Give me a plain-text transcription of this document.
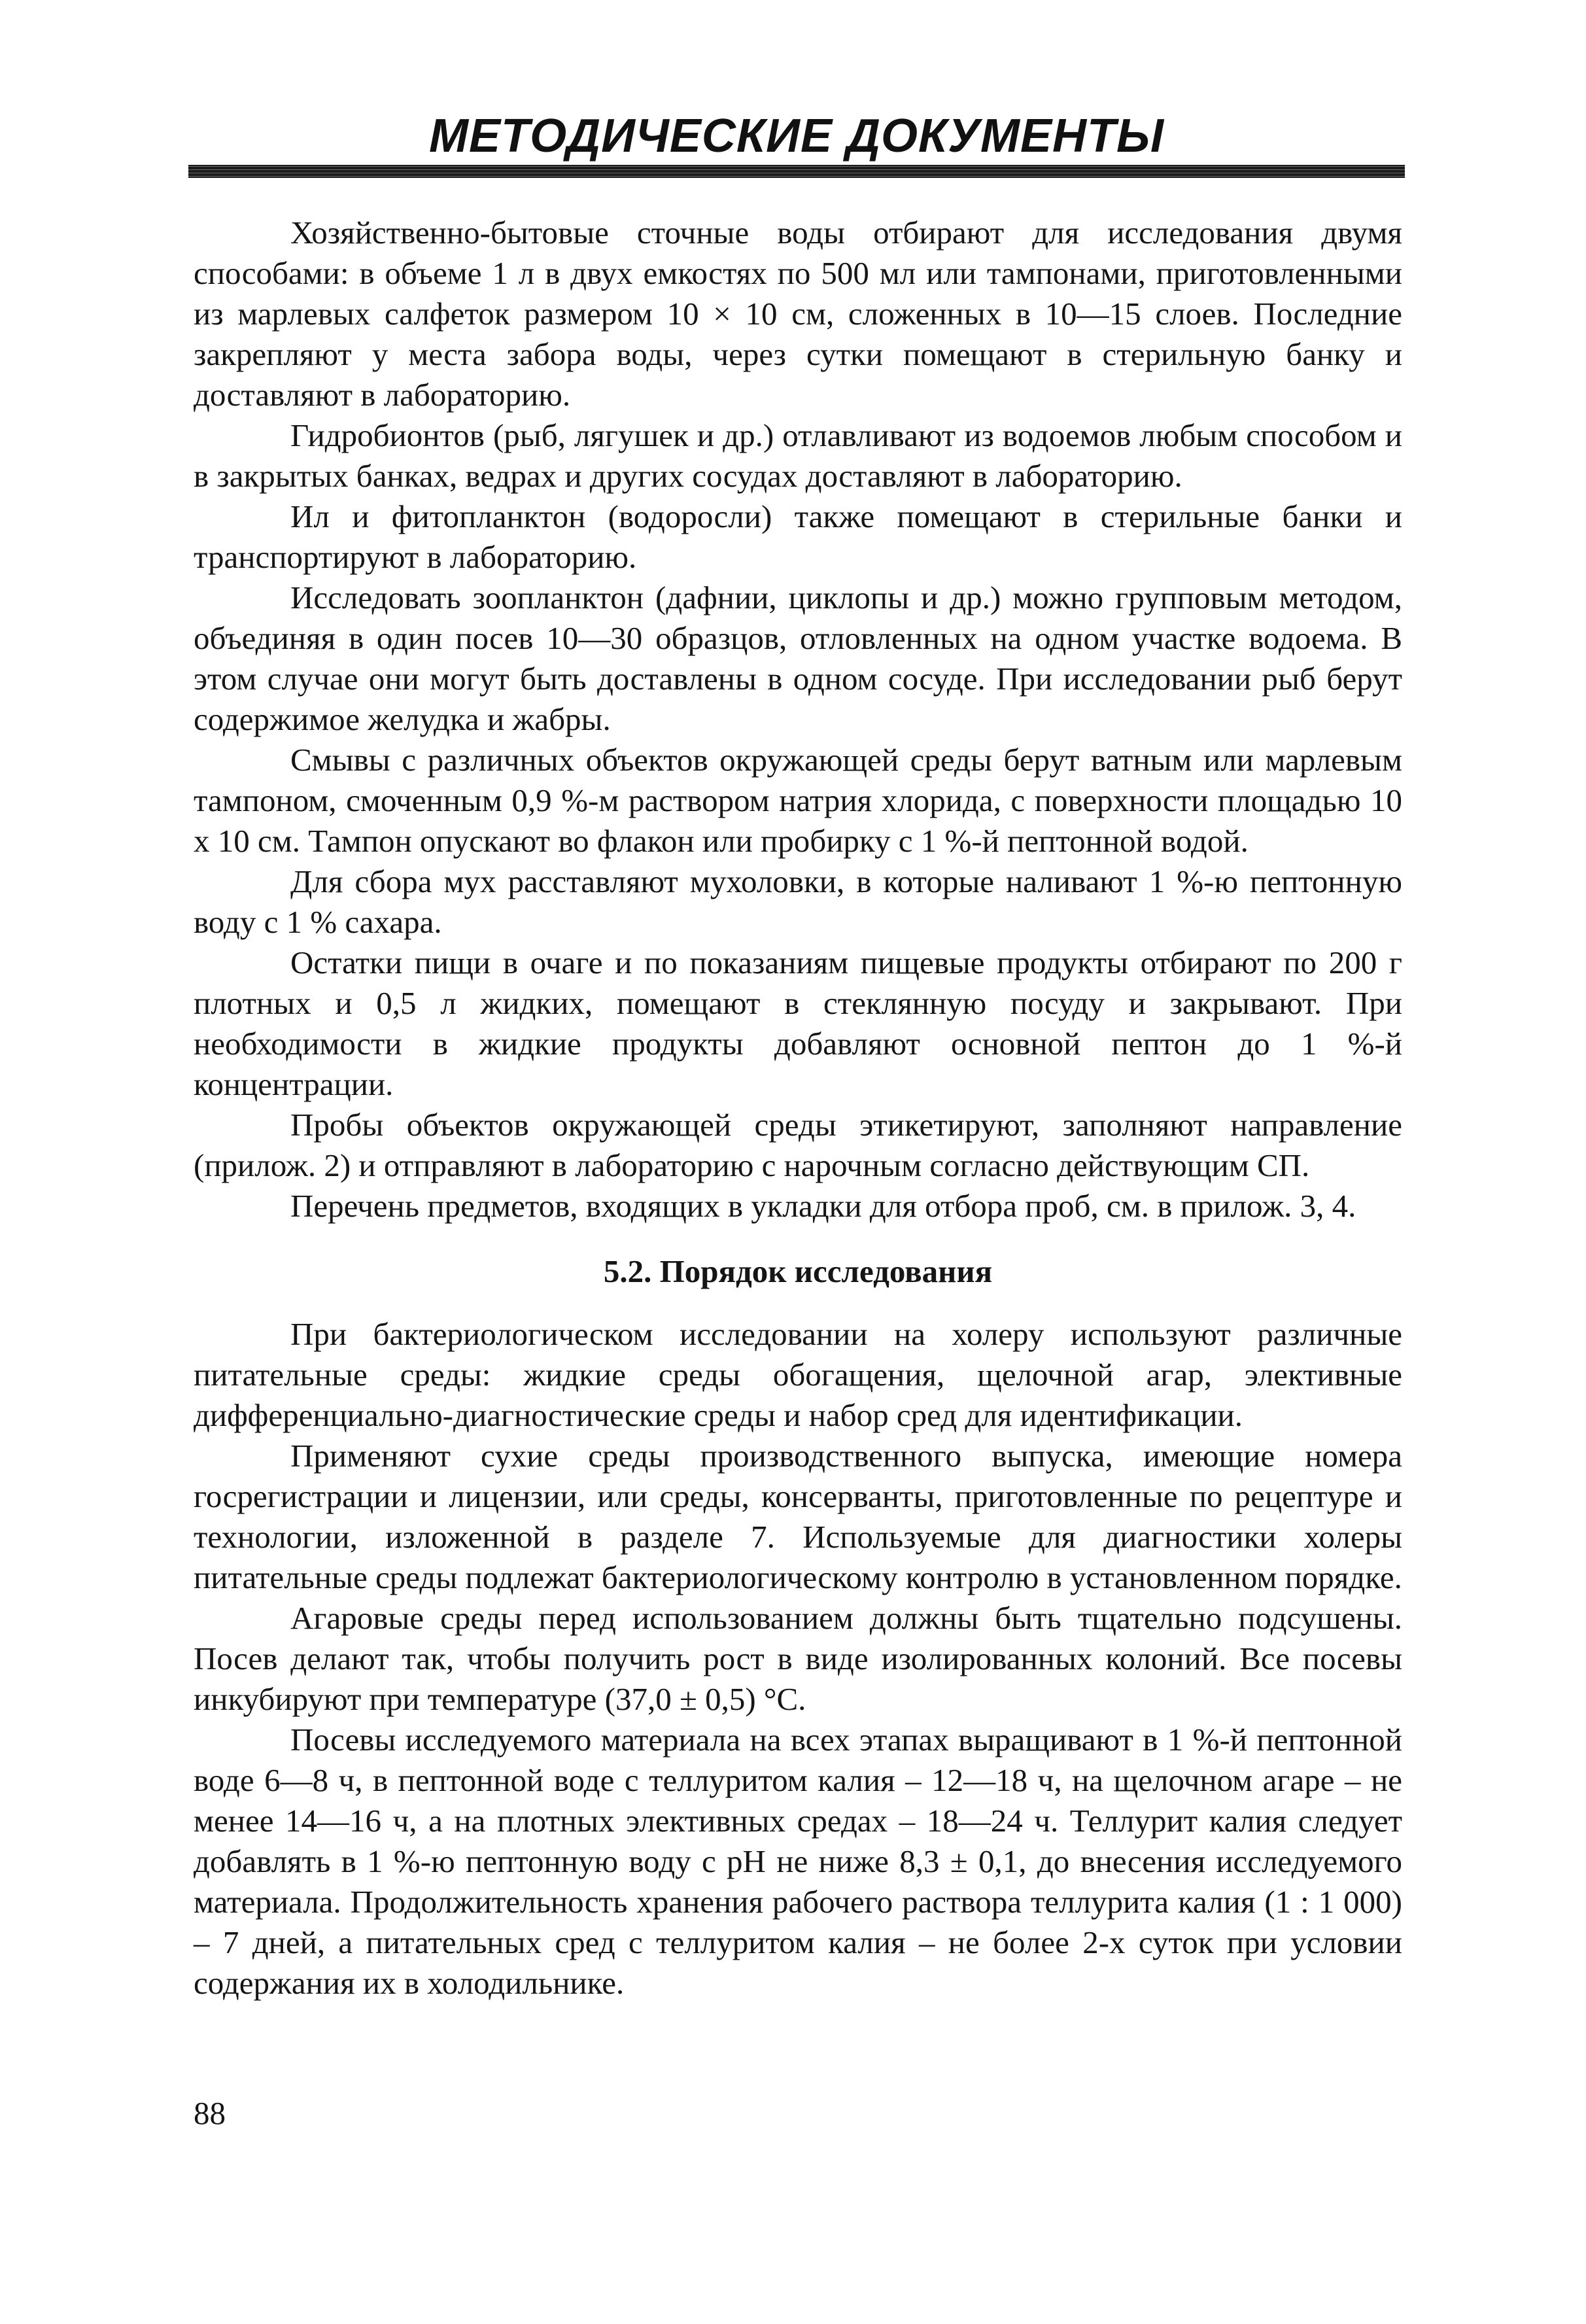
МЕТОДИЧЕСКИЕ ДОКУМЕНТЫ

Хозяйственно-бытовые сточные воды отбирают для исследования двумя способами: в объеме 1 л в двух емкостях по 500 мл или тампонами, приготовленными из марлевых салфеток размером 10 × 10 см, сложенных в 10—15 слоев. Последние закрепляют у места забора воды, через сутки помещают в стерильную банку и доставляют в лабораторию.

Гидробионтов (рыб, лягушек и др.) отлавливают из водоемов любым способом и в закрытых банках, ведрах и других сосудах доставляют в лабораторию.

Ил и фитопланктон (водоросли) также помещают в стерильные банки и транспортируют в лабораторию.

Исследовать зоопланктон (дафнии, циклопы и др.) можно групповым методом, объединяя в один посев 10—30 образцов, отловленных на одном участке водоема. В этом случае они могут быть доставлены в одном сосуде. При исследовании рыб берут содержимое желудка и жабры.

Смывы с различных объектов окружающей среды берут ватным или марлевым тампоном, смоченным 0,9 %-м раствором натрия хлорида, с поверхности площадью 10 x 10 см. Тампон опускают во флакон или пробирку с 1 %-й пептонной водой.

Для сбора мух расставляют мухоловки, в которые наливают 1 %-ю пептонную воду с 1 % сахара.

Остатки пищи в очаге и по показаниям пищевые продукты отбирают по 200 г плотных и 0,5 л жидких, помещают в стеклянную посуду и закрывают. При необходимости в жидкие продукты добавляют основной пептон до 1 %-й концентрации.

Пробы объектов окружающей среды этикетируют, заполняют направление (прилож. 2) и отправляют в лабораторию с нарочным согласно действующим СП.

Перечень предметов, входящих в укладки для отбора проб, см. в прилож. 3, 4.

5.2. Порядок исследования

При бактериологическом исследовании на холеру используют различные питательные среды: жидкие среды обогащения, щелочной агар, элективные дифференциально-диагностические среды и набор сред для идентификации.

Применяют сухие среды производственного выпуска, имеющие номера госрегистрации и лицензии, или среды, консерванты, приготовленные по рецептуре и технологии, изложенной в разделе 7. Используемые для диагностики холеры питательные среды подлежат бактериологическому контролю в установленном порядке.

Агаровые среды перед использованием должны быть тщательно подсушены. Посев делают так, чтобы получить рост в виде изолированных колоний. Все посевы инкубируют при температуре (37,0 ± 0,5) °С.

Посевы исследуемого материала на всех этапах выращивают в 1 %-й пептонной воде 6—8 ч, в пептонной воде с теллуритом калия – 12—18 ч, на щелочном агаре – не менее 14—16 ч, а на плотных элективных средах – 18—24 ч. Теллурит калия следует добавлять в 1 %-ю пептонную воду с рН не ниже 8,3 ± 0,1, до внесения исследуемого материала. Продолжительность хранения рабочего раствора теллурита калия (1 : 1 000) – 7 дней, а питательных сред с теллуритом калия – не более 2-х суток при условии содержания их в холодильнике.

88
